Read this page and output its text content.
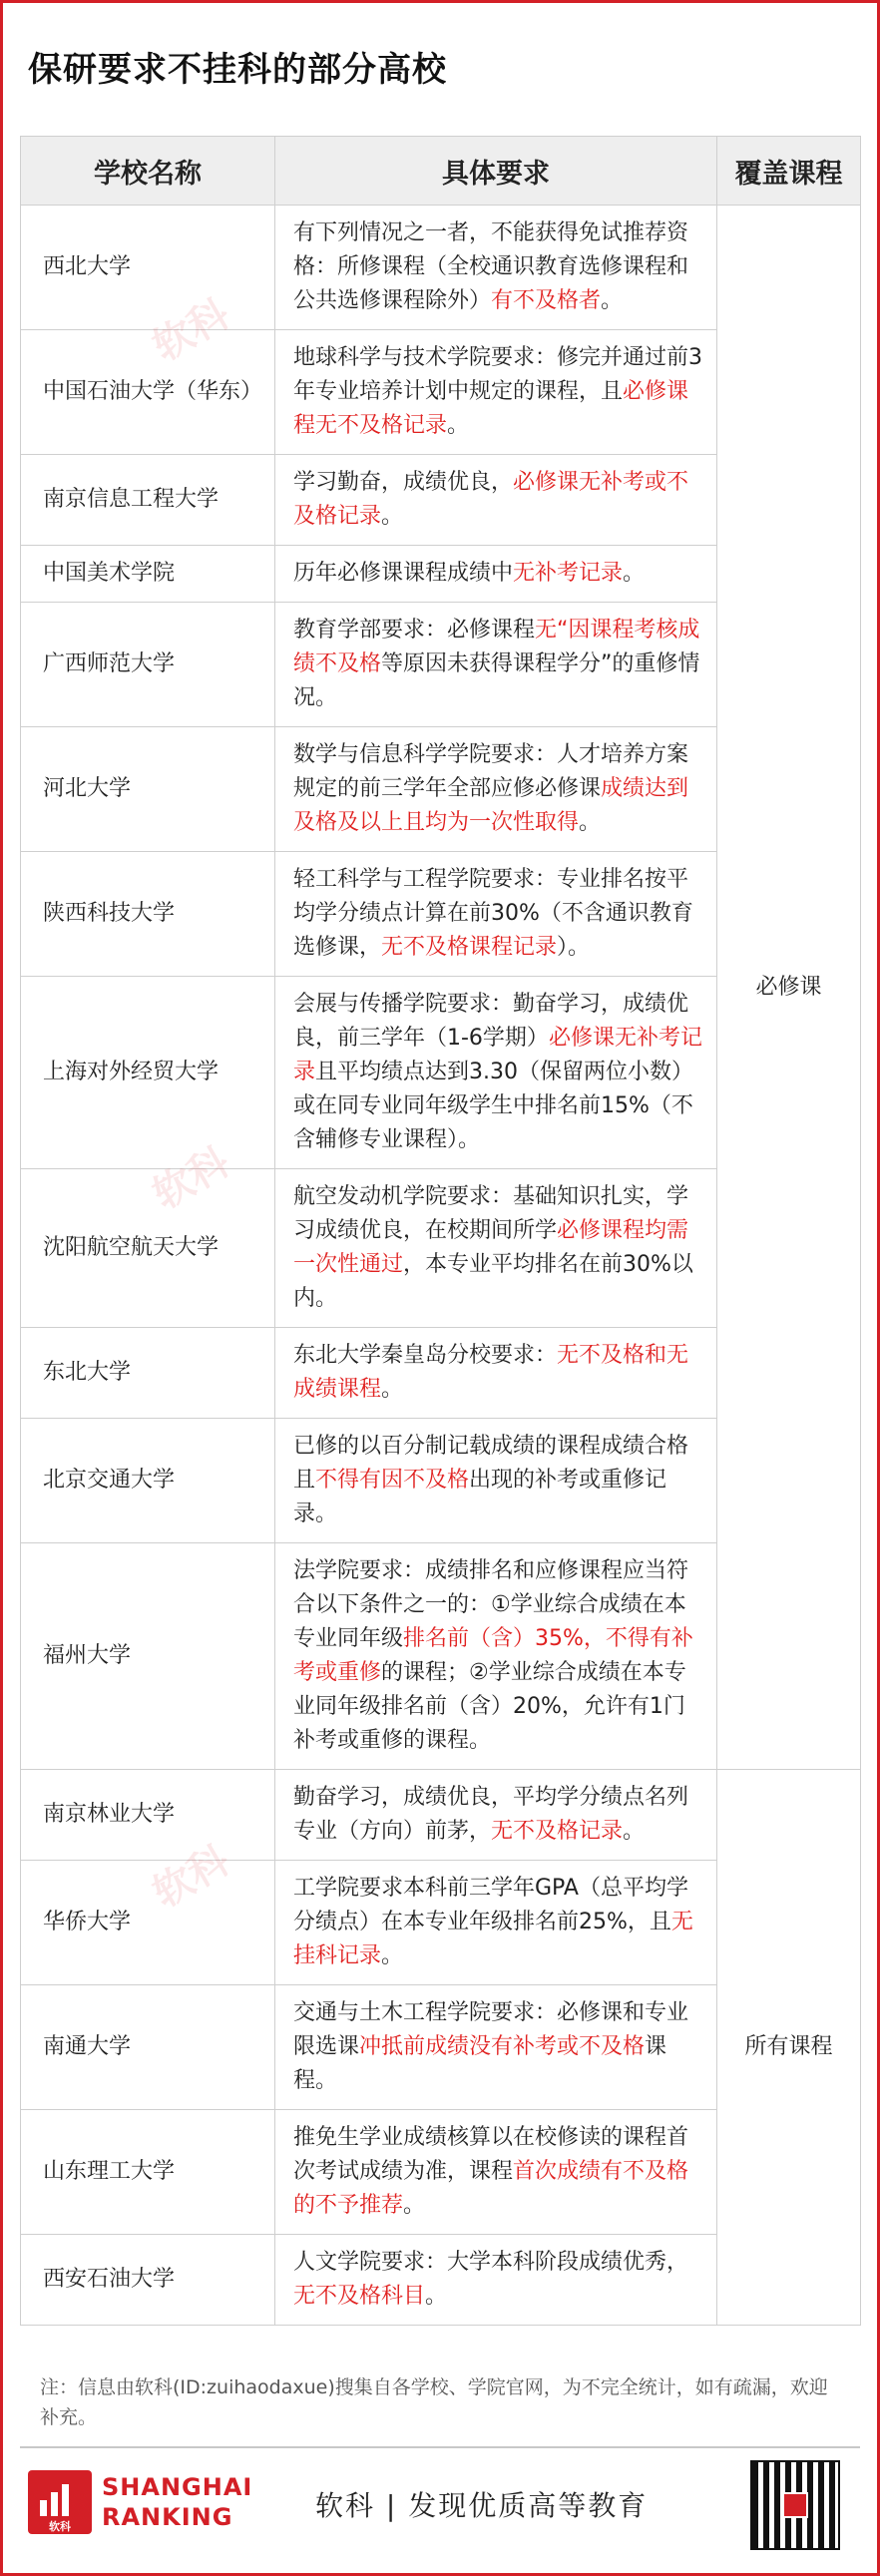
保研要求不挂科的部分高校
学校名称	具体要求	覆盖课程
西北大学	有下列情况之一者，不能获得免试推荐资格：所修课程（全校通识教育选修课程和公共选修课程除外）有不及格者。	必修课
中国石油大学（华东）	地球科学与技术学院要求：修完并通过前3年专业培养计划中规定的课程，且必修课程无不及格记录。	
南京信息工程大学	学习勤奋，成绩优良，必修课无补考或不及格记录。	
中国美术学院	历年必修课课程成绩中无补考记录。	
广西师范大学	教育学部要求：必修课程无“因课程考核成绩不及格等原因未获得课程学分”的重修情况。	
河北大学	数学与信息科学学院要求：人才培养方案规定的前三学年全部应修必修课成绩达到及格及以上且均为一次性取得。	
陕西科技大学	轻工科学与工程学院要求：专业排名按平均学分绩点计算在前30%（不含通识教育选修课，无不及格课程记录）。	
上海对外经贸大学	会展与传播学院要求：勤奋学习，成绩优良，前三学年（1-6学期）必修课无补考记录且平均绩点达到3.30（保留两位小数）或在同专业同年级学生中排名前15%（不含辅修专业课程）。	
沈阳航空航天大学	航空发动机学院要求：基础知识扎实，学习成绩优良，在校期间所学必修课程均需一次性通过，本专业平均排名在前30%以内。	
东北大学	东北大学秦皇岛分校要求：无不及格和无成绩课程。	
北京交通大学	已修的以百分制记载成绩的课程成绩合格且不得有因不及格出现的补考或重修记录。	
福州大学	法学院要求：成绩排名和应修课程应当符合以下条件之一的：①学业综合成绩在本专业同年级排名前（含）35%，不得有补考或重修的课程；②学业综合成绩在本专业同年级排名前（含）20%，允许有1门补考或重修的课程。	
南京林业大学	勤奋学习，成绩优良，平均学分绩点名列专业（方向）前茅，无不及格记录。	所有课程
华侨大学	工学院要求本科前三学年GPA（总平均学分绩点）在本专业年级排名前25%，且无挂科记录。	
南通大学	交通与土木工程学院要求：必修课和专业限选课冲抵前成绩没有补考或不及格课程。	
山东理工大学	推免生学业成绩核算以在校修读的课程首次考试成绩为准，课程首次成绩有不及格的不予推荐。	
西安石油大学	人文学院要求：大学本科阶段成绩优秀，无不及格科目。	
注：信息由软科(ID:zuihaodaxue)搜集自各学校、学院官网，为不完全统计，如有疏漏，欢迎补充。
软科
SHANGHAI
RANKING	软科 | 发现优质高等教育
